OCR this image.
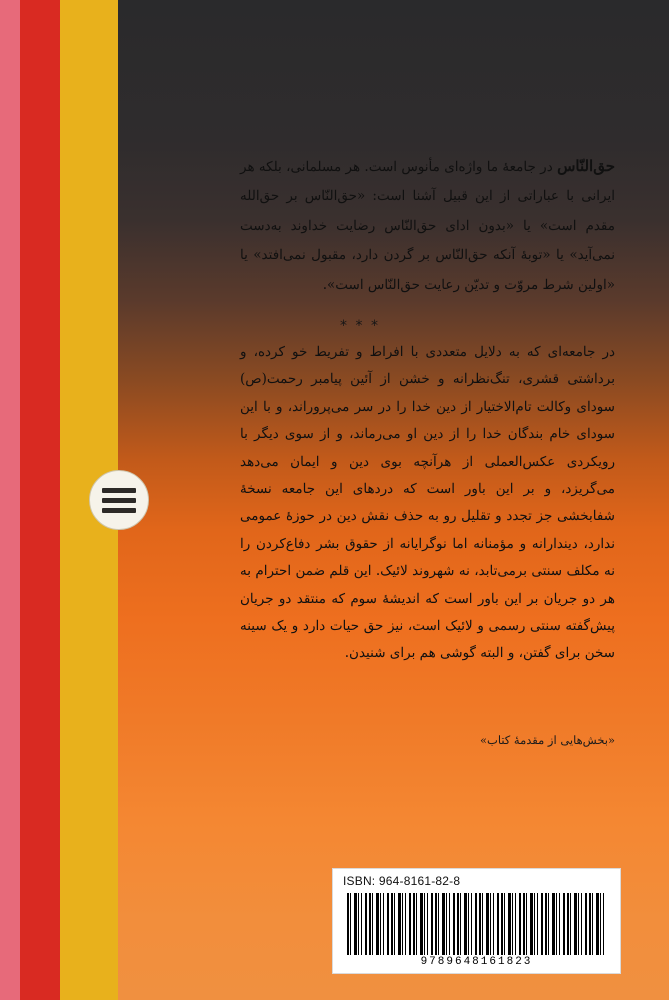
حق‌النّاس در جامعهٔ ما واژه‌ای مأنوس است. هر مسلمانی، بلکه هر ایرانی با عباراتی از این قبیل آشنا است: «حق‌النّاس بر حق‌الله مقدم است» یا «بدون ادای حق‌النّاس رضایت خداوند به‌دست نمی‌آید» یا «توبهٔ آنکه حق‌النّاس بر گردن دارد، مقبول نمی‌افتد» یا «اولین شرط مروّت و تدیّن رعایت حق‌النّاس است».
* * *
در جامعه‌ای که به دلایل متعددی با افراط و تفریط خو کرده، و برداشتی قشری، تنگ‌نظرانه و خشن از آئین پیامبر رحمت(ص) سودای وکالت تام‌الاختیار از دین خدا را در سر می‌پروراند، و با این سودای خام بندگان خدا را از دین او می‌رماند، و از سوی دیگر با رویکردی عکس‌العملی از هرآنچه بوی دین و ایمان می‌دهد می‌گریزد، و بر این باور است که دردهای این جامعه نسخهٔ شفابخشی جز تجدد و تقلیل رو به حذف نقش دین در حوزهٔ عمومی ندارد، دیندارانه و مؤمنانه اما نوگرایانه از حقوق بشر دفاع‌کردن را نه مکلف سنتی برمی‌تابد، نه شهروند لائیک. این قلم ضمن احترام به هر دو جریان بر این باور است که اندیشهٔ سوم که منتقد دو جریان پیش‌گفته سنتی رسمی و لائیک است، نیز حق حیات دارد و یک سینه سخن برای گفتن، و البته گوشی هم برای شنیدن.
«بخش‌هایی از مقدمهٔ کتاب»
ISBN: 964-8161-82-8
9789648161823
